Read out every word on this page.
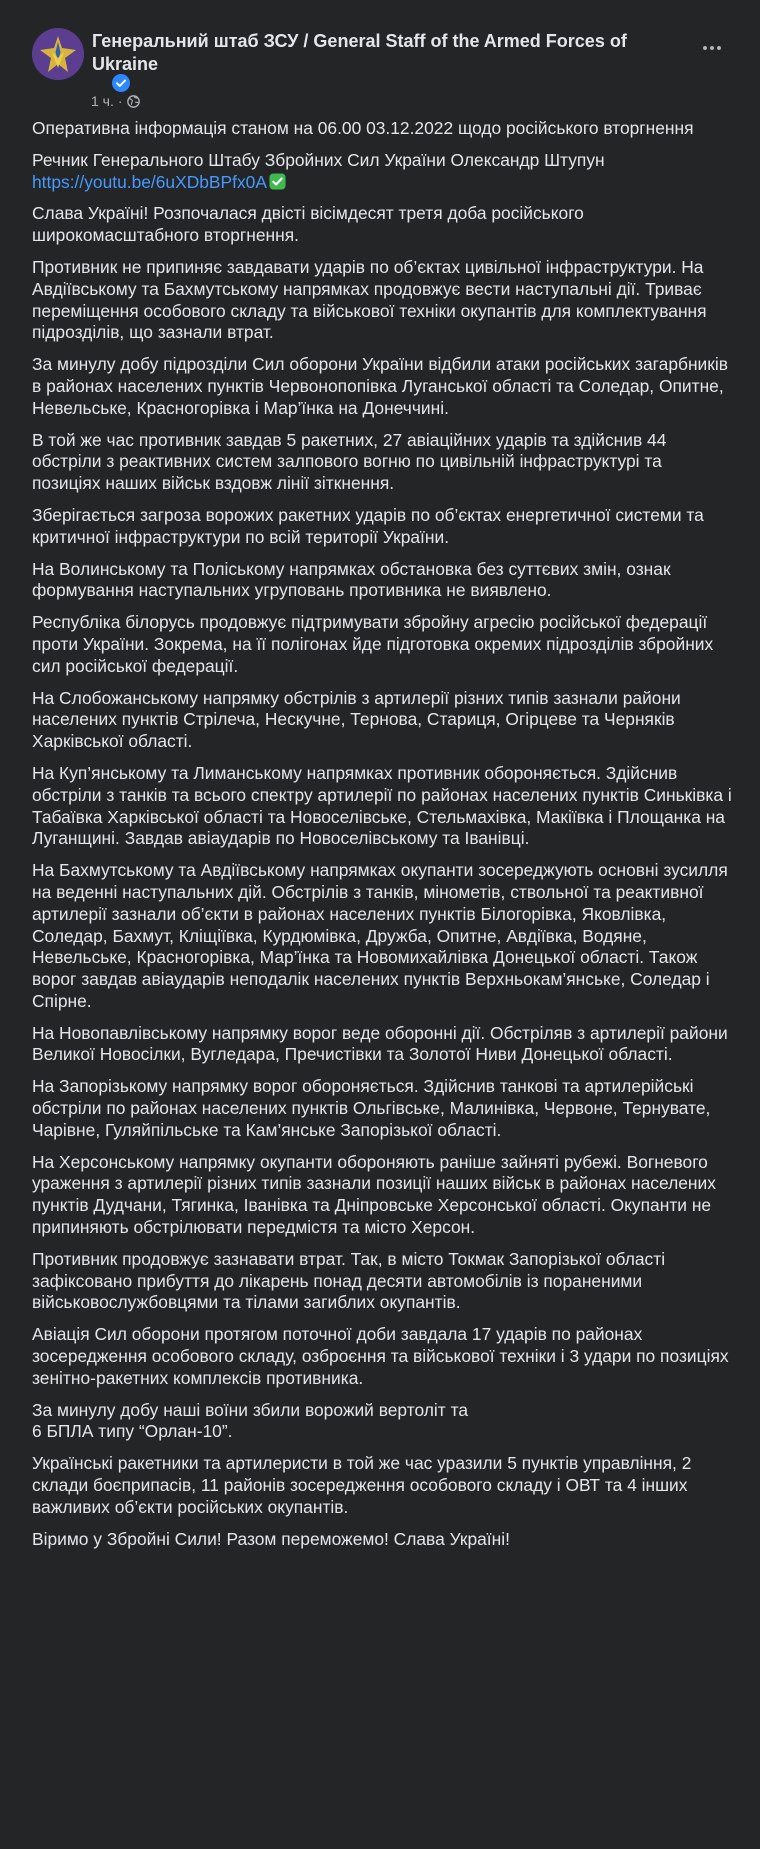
Генеральний штаб ЗСУ / General Staff of the Armed Forces of Ukraine
1 ч. ·

Оперативна інформація станом на 06.00 03.12.2022 щодо російського вторгнення

Речник Генерального Штабу Збройних Сил України Олександр Штупун
https://youtu.be/6uXDbBPfx0A

Слава Україні! Розпочалася двісті вісімдесят третя доба російського широкомасштабного вторгнення.

Противник не припиняє завдавати ударів по об’єктах цивільної інфраструктури. На Авдіївському та Бахмутському напрямках продовжує вести наступальні дії. Триває переміщення особового складу та військової техніки окупантів для комплектування підрозділів, що зазнали втрат.

За минулу добу підрозділи Сил оборони України відбили атаки російських загарбників в районах населених пунктів Червонопопівка Луганської області та Соледар, Опитне, Невельське, Красногорівка і Мар’їнка на Донеччині.

В той же час противник завдав 5 ракетних, 27 авіаційних ударів та здійснив 44 обстріли з реактивних систем залпового вогню по цивільній інфраструктурі та позиціях наших військ вздовж лінії зіткнення.

Зберігається загроза ворожих ракетних ударів по об’єктах енергетичної системи та критичної інфраструктури по всій території України.

На Волинському та Поліському напрямках обстановка без суттєвих змін, ознак формування наступальних угруповань противника не виявлено.

Республіка білорусь продовжує підтримувати збройну агресію російської федерації проти України. Зокрема, на її полігонах йде підготовка окремих підрозділів збройних сил російської федерації.

На Слобожанському напрямку обстрілів з артилерії різних типів зазнали райони населених пунктів Стрілеча, Нескучне, Тернова, Стариця, Огірцеве та Черняків Харківської області.

На Куп’янському та Лиманському напрямках противник обороняється. Здійснив обстріли з танків та всього спектру артилерії по районах населених пунктів Синьківка і Табаївка Харківської області та Новоселівське, Стельмахівка, Макіївка і Площанка на Луганщині. Завдав авіаударів по Новоселівському та Іванівці.

На Бахмутському та Авдіївському напрямках окупанти зосереджують основні зусилля на веденні наступальних дій. Обстрілів з танків, мінометів, ствольної та реактивної артилерії зазнали об’єкти в районах населених пунктів Білогорівка, Яковлівка, Соледар, Бахмут, Кліщіївка, Курдюмівка, Дружба, Опитне, Авдіївка, Водяне, Невельське, Красногорівка, Мар’їнка та Новомихайлівка Донецької області. Також ворог завдав авіаударів неподалік населених пунктів Верхньокам’янське, Соледар і Спірне.

На Новопавлівському напрямку ворог веде оборонні дії. Обстріляв з артилерії райони Великої Новосілки, Вугледара, Пречистівки та Золотої Ниви Донецької області.

На Запорізькому напрямку ворог обороняється. Здійснив танкові та артилерійські обстріли по районах населених пунктів Ольгівське, Малинівка, Червоне, Тернувате, Чарівне, Гуляйпільське та Кам’янське Запорізької області.

На Херсонському напрямку окупанти обороняють раніше зайняті рубежі. Вогневого ураження з артилерії різних типів зазнали позиції наших військ в районах населених пунктів Дудчани, Тягинка, Іванівка та Дніпровське Херсонської області. Окупанти не припиняють обстрілювати передмістя та місто Херсон.

Противник продовжує зазнавати втрат. Так, в місто Токмак Запорізької області зафіксовано прибуття до лікарень понад десяти автомобілів із пораненими військовослужбовцями та тілами загиблих окупантів.

Авіація Сил оборони протягом поточної доби завдала 17 ударів по районах зосередження особового складу, озброєння та військової техніки і 3 удари по позиціях зенітно-ракетних комплексів противника.

За минулу добу наші воїни збили ворожий вертоліт та
6 БПЛА типу “Орлан-10”.

Українські ракетники та артилеристи в той же час уразили 5 пунктів управління, 2 склади боєприпасів, 11 районів зосередження особового складу і ОВТ та 4 інших важливих об’єкти російських окупантів.

Віримо у Збройні Сили! Разом переможемо! Слава Україні!
